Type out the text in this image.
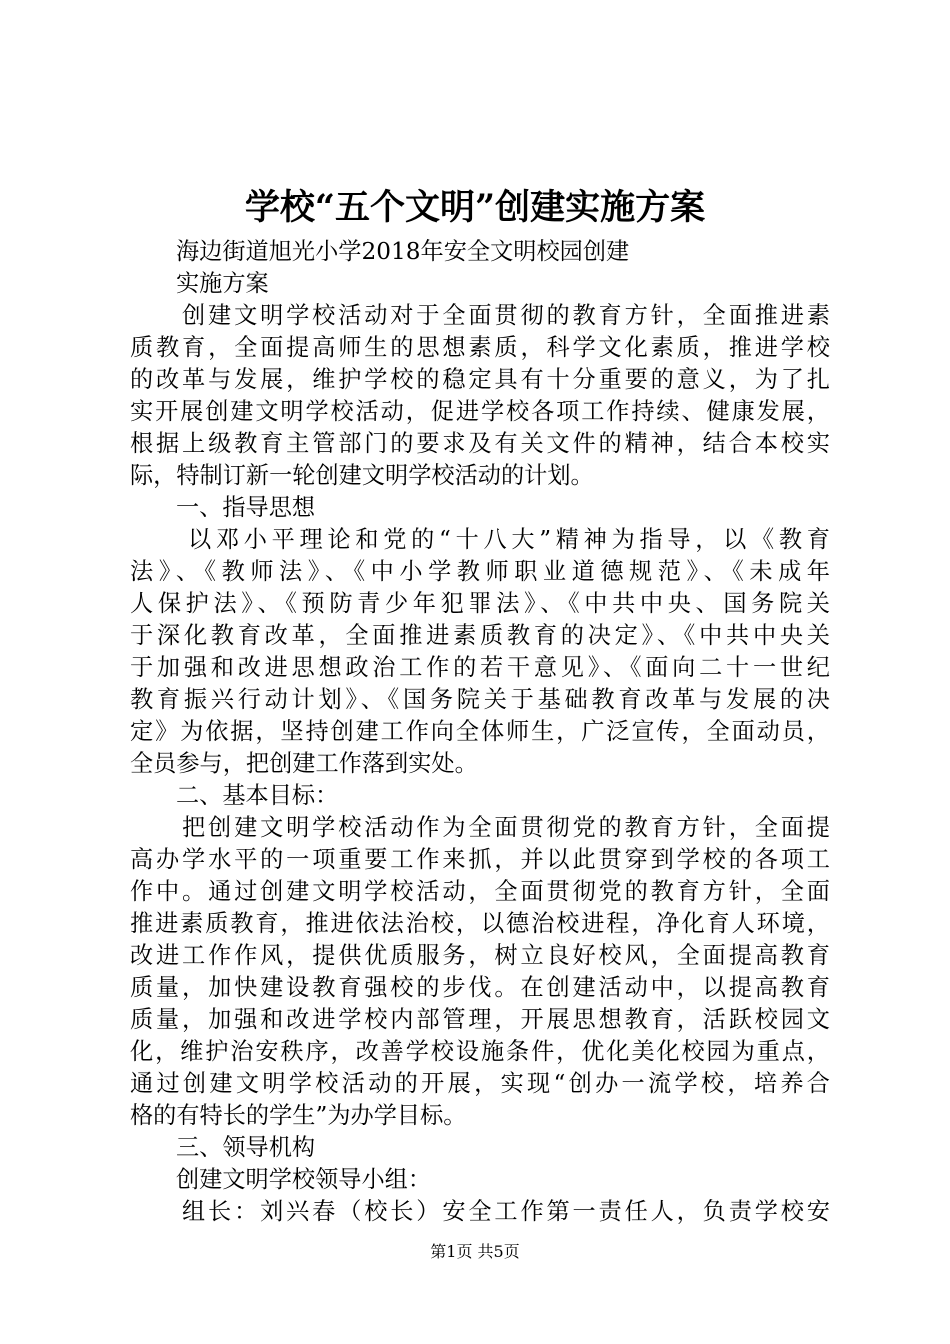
学校“五个文明”创建实施方案

海边街道旭光小学2018年安全文明校园创建

实施方案

创建文明学校活动对于全面贯彻的教育方针，全面推进素

质教育，全面提高师生的思想素质，科学文化素质，推进学校

的改革与发展，维护学校的稳定具有十分重要的意义，为了扎

实开展创建文明学校活动，促进学校各项工作持续、健康发展，

根据上级教育主管部门的要求及有关文件的精神，结合本校实

际，特制订新一轮创建文明学校活动的计划。

一、指导思想

以邓小平理论和党的“十八大”精神为指导，以《教育

法》、《教师法》、《中小学教师职业道德规范》、《未成年

人保护法》、《预防青少年犯罪法》、《中共中央、国务院关

于深化教育改革，全面推进素质教育的决定》、《中共中央关

于加强和改进思想政治工作的若干意见》、《面向二十一世纪

教育振兴行动计划》、《国务院关于基础教育改革与发展的决

定》为依据，坚持创建工作向全体师生，广泛宣传，全面动员，

全员参与，把创建工作落到实处。

二、基本目标：

把创建文明学校活动作为全面贯彻党的教育方针，全面提

高办学水平的一项重要工作来抓，并以此贯穿到学校的各项工

作中。通过创建文明学校活动，全面贯彻党的教育方针，全面

推进素质教育，推进依法治校，以德治校进程，净化育人环境，

改进工作作风，提供优质服务，树立良好校风，全面提高教育

质量，加快建设教育强校的步伐。在创建活动中，以提高教育

质量，加强和改进学校内部管理，开展思想教育，活跃校园文

化，维护治安秩序，改善学校设施条件，优化美化校园为重点，

通过创建文明学校活动的开展，实现“创办一流学校，培养合

格的有特长的学生”为办学目标。

三、领导机构

创建文明学校领导小组：

组长：刘兴春（校长）安全工作第一责任人，负责学校安

第1页 共5页
